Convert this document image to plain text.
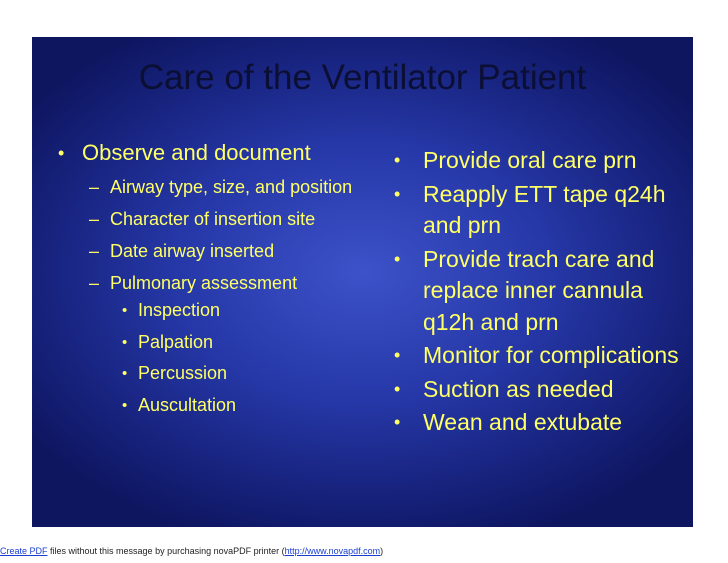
Care of the Ventilator Patient
• Observe and document
– Airway type, size, and position
– Character of insertion site
– Date airway inserted
– Pulmonary assessment
• Inspection
• Palpation
• Percussion
• Auscultation
• Provide oral care prn
• Reapply ETT tape q24h and prn
• Provide trach care and replace inner cannula q12h and prn
• Monitor for complications
• Suction as needed
• Wean and extubate
Create PDF files without this message by purchasing novaPDF printer (http://www.novapdf.com)
